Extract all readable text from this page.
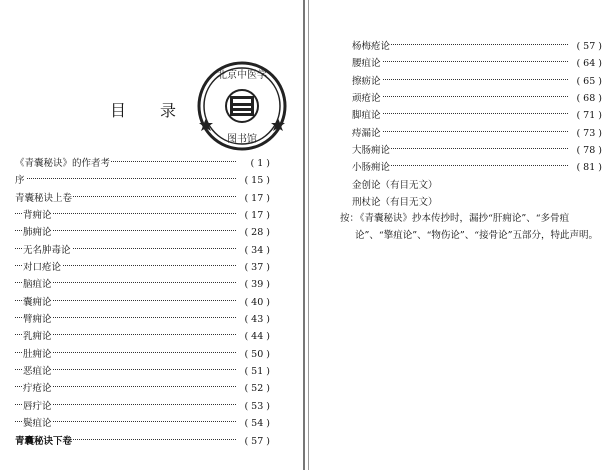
目 录
北京中医学
图书馆
《青囊秘诀》的作者考	( 1 )
序	( 15 )
青囊秘诀上卷	( 17 )
背痈论	( 17 )
肺痈论	( 28 )
无名肿毒论	( 34 )
对口疮论	( 37 )
脑疽论	( 39 )
囊痈论	( 40 )
臂痈论	( 43 )
乳痈论	( 44 )
肚痈论	( 50 )
恶疽论	( 51 )
疔疮论	( 52 )
唇疔论	( 53 )
鬓疽论	( 54 )
青囊秘诀下卷	( 57 )
杨梅疮论	( 57 )
腰疽论	( 64 )
擦疬论	( 65 )
顽疮论	( 68 )
脚疽论	( 71 )
痔漏论	( 73 )
大肠痈论	( 78 )
小肠痈论	( 81 )
金创论（有目无文）
刑杖论（有目无文）
按：
《青囊秘诀》抄本传抄时，漏抄“肝痈论”、“多骨疽论”、“擎疽论”、“物伤论”、“接骨论”五部分，特此声明。
